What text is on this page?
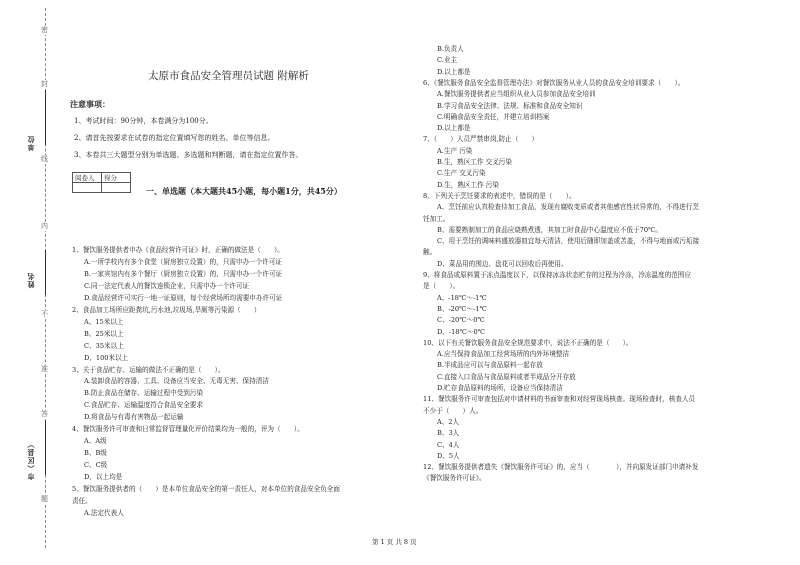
单位
姓名
市（区县）
密
封
线
内
不
准
答
题
太原市食品安全管理员试题 附解析
注意事项：
1、考试时间：90分钟，本卷满分为100分。
2、请首先按要求在试卷的指定位置填写您的姓名、单位等信息。
3、本卷共三大题型分别为单选题、多选题和判断题，请在指定位置作答。
阅卷人	得分

一、单选题（本大题共45小题，每小题1分，共45分）
1、餐饮服务提供者申办《食品经营许可证》时，正确的做法是（　　）。
A.一所学校内有多个食堂（厨房独立设置）的，只需申办一个许可证
B.一家宾馆内有多个餐厅（厨房独立设置）的，只需申办一个许可证
C.同一法定代表人的餐饮连锁企业，只需申办一个许可证
D.食品经营许可实行一地一证原则，每个经营场所均需要申办许可证
2、食品加工场所应距粪坑,污水池,垃圾场,旱厕等污染源（　　）
A、15米以上
B、25米以上
C、35米以上
D、100米以上
3、关于食品贮存、运输的做法不正确的是（　　）。
A.装卸食品的容器、工具、设备应当安全、无毒无害、保持清洁
B.防止食品在储存、运输过程中受到污染
C.食品贮存、运输温度符合食品安全要求
D.将食品与有毒有害物品一起运输
4、餐饮服务许可审查和日常监督管理量化评价结果均为一般的，评为（　　）。
A、A级
B、B级
C、C级
D、以上均是
5、餐饮服务提供者的（　　）是本单位食品安全的第一责任人，对本单位的食品安全负全面
责任。
A.法定代表人
B.负责人
C.业主
D.以上都是
6、《餐饮服务食品安全监督管理办法》对餐饮服务从业人员的食品安全培训要求（　　）。
A.餐饮服务提供者应当组织从业人员参加食品安全培训
B.学习食品安全法律、法规、标准和食品安全知识
C.明确食品安全责任，并建立培训档案
D.以上都是
7、（　　）人员严禁串岗,防止（　　）
A.生产 污染
B.生，熟区工作 交叉污染
C.生产 交叉污染
D.生，熟区工作 污染
8、下列关于烹饪要求的表述中，错误的是（　　）。
A、烹饪前应认真检查待加工食品，发现有腐败变质或者其他感官性状异常的，不得进行烹
饪加工。
B、需要熟制加工的食品应烧熟煮透，其加工时食品中心温度应不低于70℃。
C、用于烹饪的调味料盛放器皿宜每天清洁，使用后随即加盖或苫盖，不得与地面或污垢接
触。
D、菜品用的围边、盘花可以回收后再使用。
9、将食品或原料置于冻点温度以下，以保持冰冻状态贮存的过程为冷冻，冷冻温度的范围应
是（　　）。
A、-18℃～-1℃
B、-20℃～-1℃
C、-20℃～0℃
D、-18℃～0℃
10、以下有关餐饮服务食品安全规范要求中，说法不正确的是（　　）。
A.应当保持食品加工经营场所的内外环境整洁
B.半成品应可以与食品原料一起存放
C.直接入口食品与食品原料或者半成品分开存放
D.贮存食品原料的场所，设备应当保持清洁
11、餐饮服务许可审查包括对申请材料的书面审查和对经营现场核查。现场检查时，核查人员
不少于（　　）人。
A、2人
B、3人
C、4人
D、5人
12、餐饮服务提供者遗失《餐饮服务许可证》的，应当（　　　　），并向原发证部门申请补发
《餐饮服务许可证》。
第 1 页 共 8 页
